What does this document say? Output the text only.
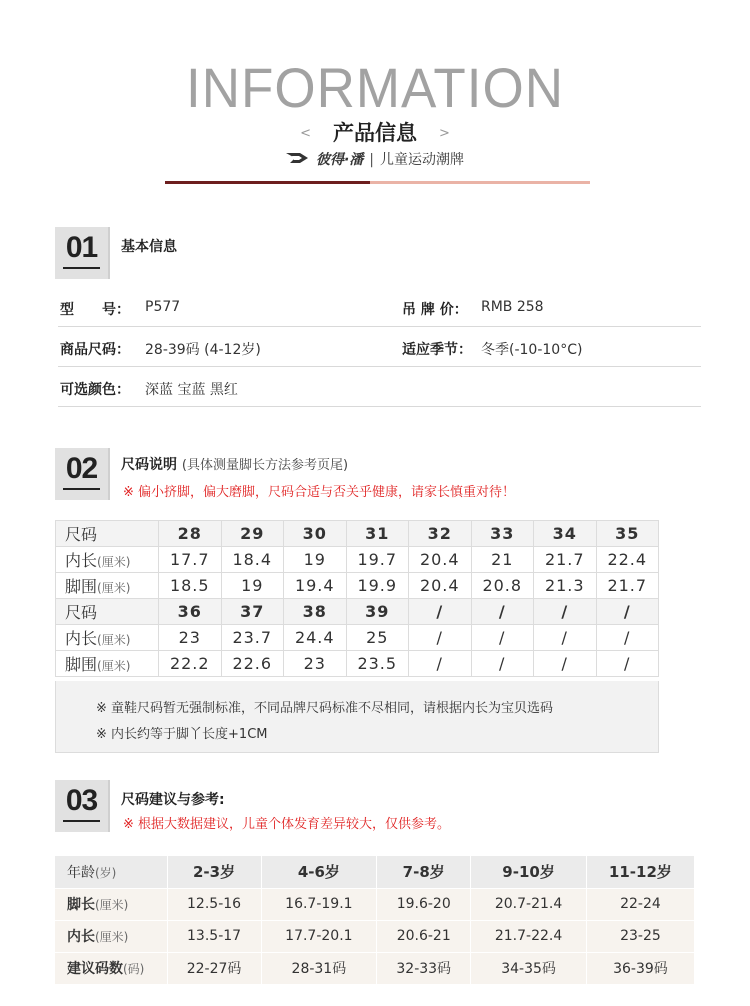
INFORMATION
< 产品信息 >
彼得·潘 | 儿童运动潮牌
01	基本信息
型　　号： P577	吊 牌 价： RMB 258
商品尺码： 28-39码 (4-12岁)	适应季节： 冬季(-10-10°C)
可选颜色： 深蓝 宝蓝 黑红
02	尺码说明 (具体测量脚长方法参考页尾)
※ 偏小挤脚，偏大磨脚，尺码合适与否关乎健康，请家长慎重对待！
尺码	28	29	30	31	32	33	34	35
内长(厘米)	17.7	18.4	19	19.7	20.4	21	21.7	22.4
脚围(厘米)	18.5	19	19.4	19.9	20.4	20.8	21.3	21.7
尺码	36	37	38	39	/	/	/	/
内长(厘米)	23	23.7	24.4	25	/	/	/	/
脚围(厘米)	22.2	22.6	23	23.5	/	/	/	/
※ 童鞋尺码暂无强制标准，不同品牌尺码标准不尽相同，请根据内长为宝贝选码
※ 内长约等于脚丫长度+1CM
03	尺码建议与参考:
※ 根据大数据建议，儿童个体发育差异较大，仅供参考。
年龄(岁)	2-3岁	4-6岁	7-8岁	9-10岁	11-12岁
脚长(厘米)	12.5-16	16.7-19.1	19.6-20	20.7-21.4	22-24
内长(厘米)	13.5-17	17.7-20.1	20.6-21	21.7-22.4	23-25
建议码数(码)	22-27码	28-31码	32-33码	34-35码	36-39码
